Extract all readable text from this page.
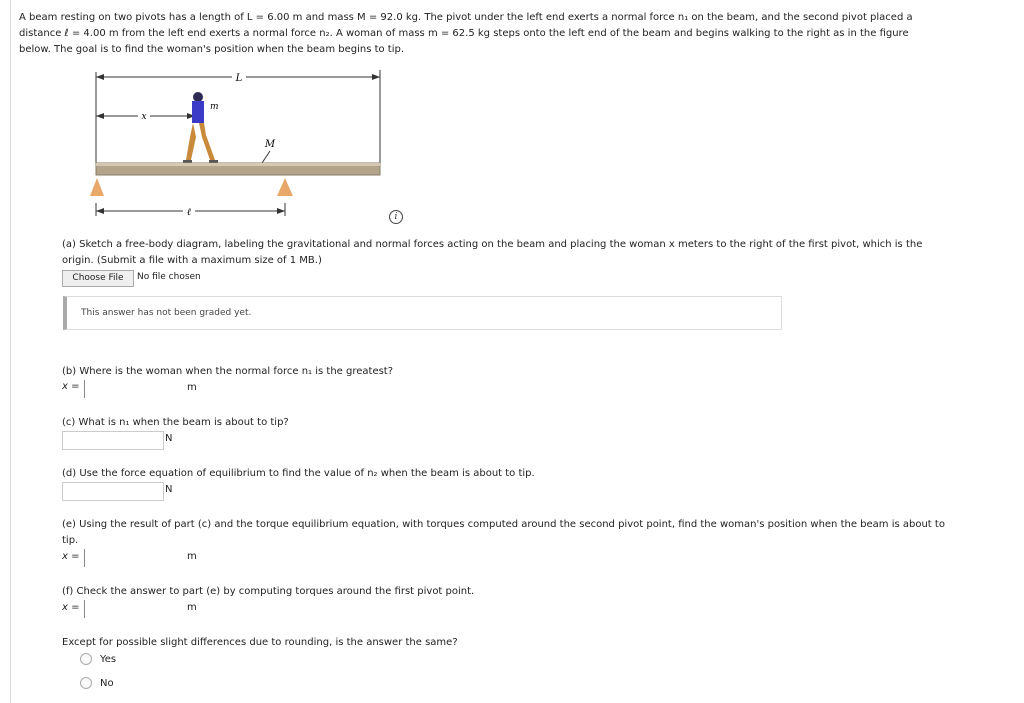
A beam resting on two pivots has a length of L = 6.00 m and mass M = 92.0 kg. The pivot under the left end exerts a normal force n₁ on the beam, and the second pivot placed a
distance ℓ = 4.00 m from the left end exerts a normal force n₂. A woman of mass m = 62.5 kg steps onto the left end of the beam and begins walking to the right as in the figure
below. The goal is to find the woman's position when the beam begins to tip.
L
x
m
M
ℓ	i
(a) Sketch a free-body diagram, labeling the gravitational and normal forces acting on the beam and placing the woman x meters to the right of the first pivot, which is the
origin. (Submit a file with a maximum size of 1 MB.)
Choose File	No file chosen
This answer has not been graded yet.
(b) Where is the woman when the normal force n₁ is the greatest?
x =	m
(c) What is n₁ when the beam is about to tip?
N
(d) Use the force equation of equilibrium to find the value of n₂ when the beam is about to tip.
N
(e) Using the result of part (c) and the torque equilibrium equation, with torques computed around the second pivot point, find the woman's position when the beam is about to
tip.
x =	m
(f) Check the answer to part (e) by computing torques around the first pivot point.
x =	m
Except for possible slight differences due to rounding, is the answer the same?
Yes
No
